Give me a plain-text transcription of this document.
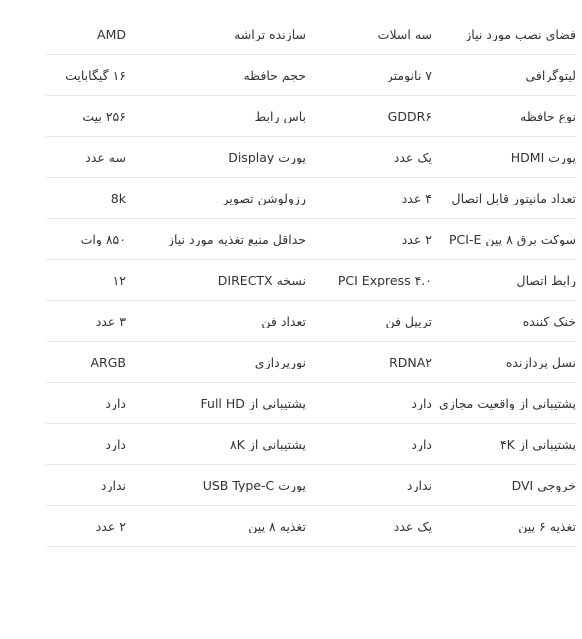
فضای نصب مورد نیاز
سه اسلات
سازنده تراشه
AMD
لیتوگرافی
۷ نانومتر
حجم حافظه
۱۶ گیگابایت
نوع حافظه
GDDR۶
باس رابط
۲۵۶ بیت
پورت HDMI
یک عدد
پورت Display
سه عدد
تعداد مانیتور قابل اتصال
۴ عدد
رزولوشن تصویر
8k
سوکت برق ۸ پین PCI-E
۲ عدد
حداقل منبع تغذیه مورد نیاز
۸۵۰ وات
رابط اتصال
PCI Express ۴.۰
نسخه DIRECTX
۱۲
خنک کننده
تریپل فن
تعداد فن
۳ عدد
نسل پردازنده
RDNA۲
نورپردازی
ARGB
پشتیبانی از واقعیت مجازی
دارد
پشتیبانی از Full HD
دارد
پشتیبانی از ۴K
دارد
پشتیبانی از ۸K
دارد
خروجی DVI
ندارد
پورت USB Type-C
ندارد
تغذیه ۶ پین
یک عدد
تغذیه ۸ پین
۲ عدد
